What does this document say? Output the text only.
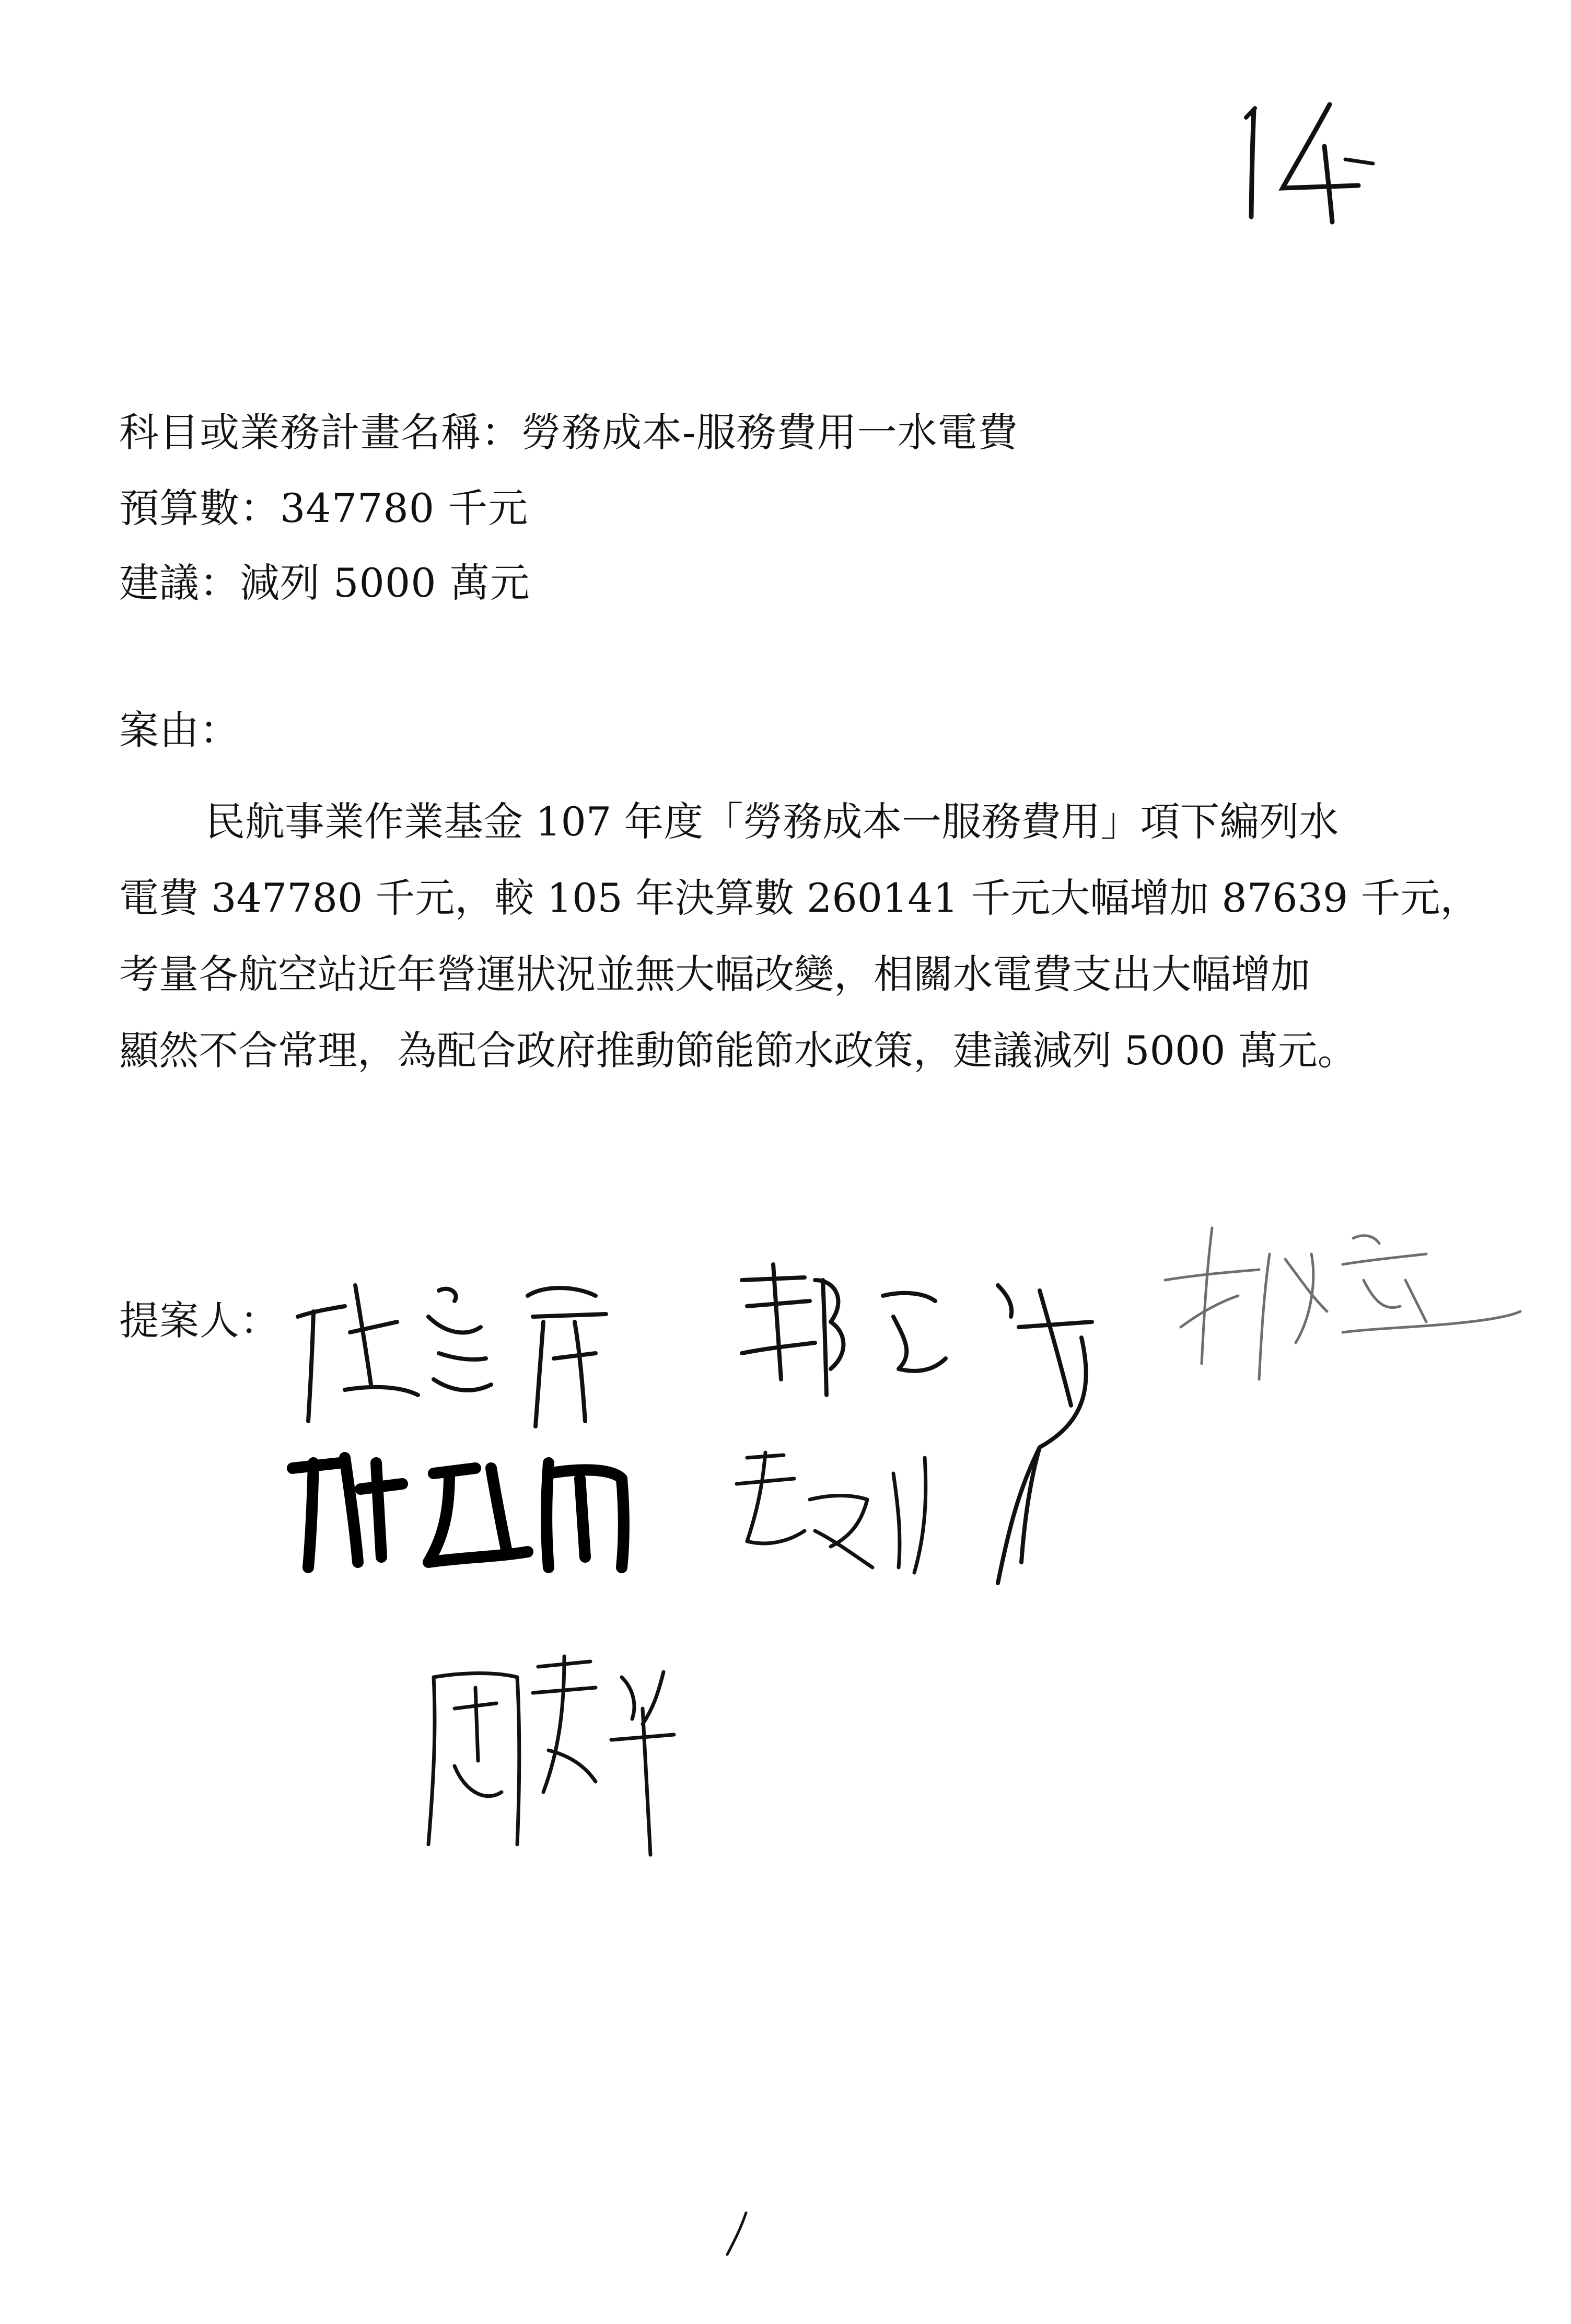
科目或業務計畫名稱：勞務成本-服務費用一水電費
預算數：347780 千元
建議：減列 5000 萬元
案由：
民航事業作業基金 107 年度「勞務成本一服務費用」項下編列水
電費 347780 千元，較 105 年決算數 260141 千元大幅增加 87639 千元，
考量各航空站近年營運狀況並無大幅改變，相關水電費支出大幅增加
顯然不合常理，為配合政府推動節能節水政策，建議減列 5000 萬元。
提案人：
